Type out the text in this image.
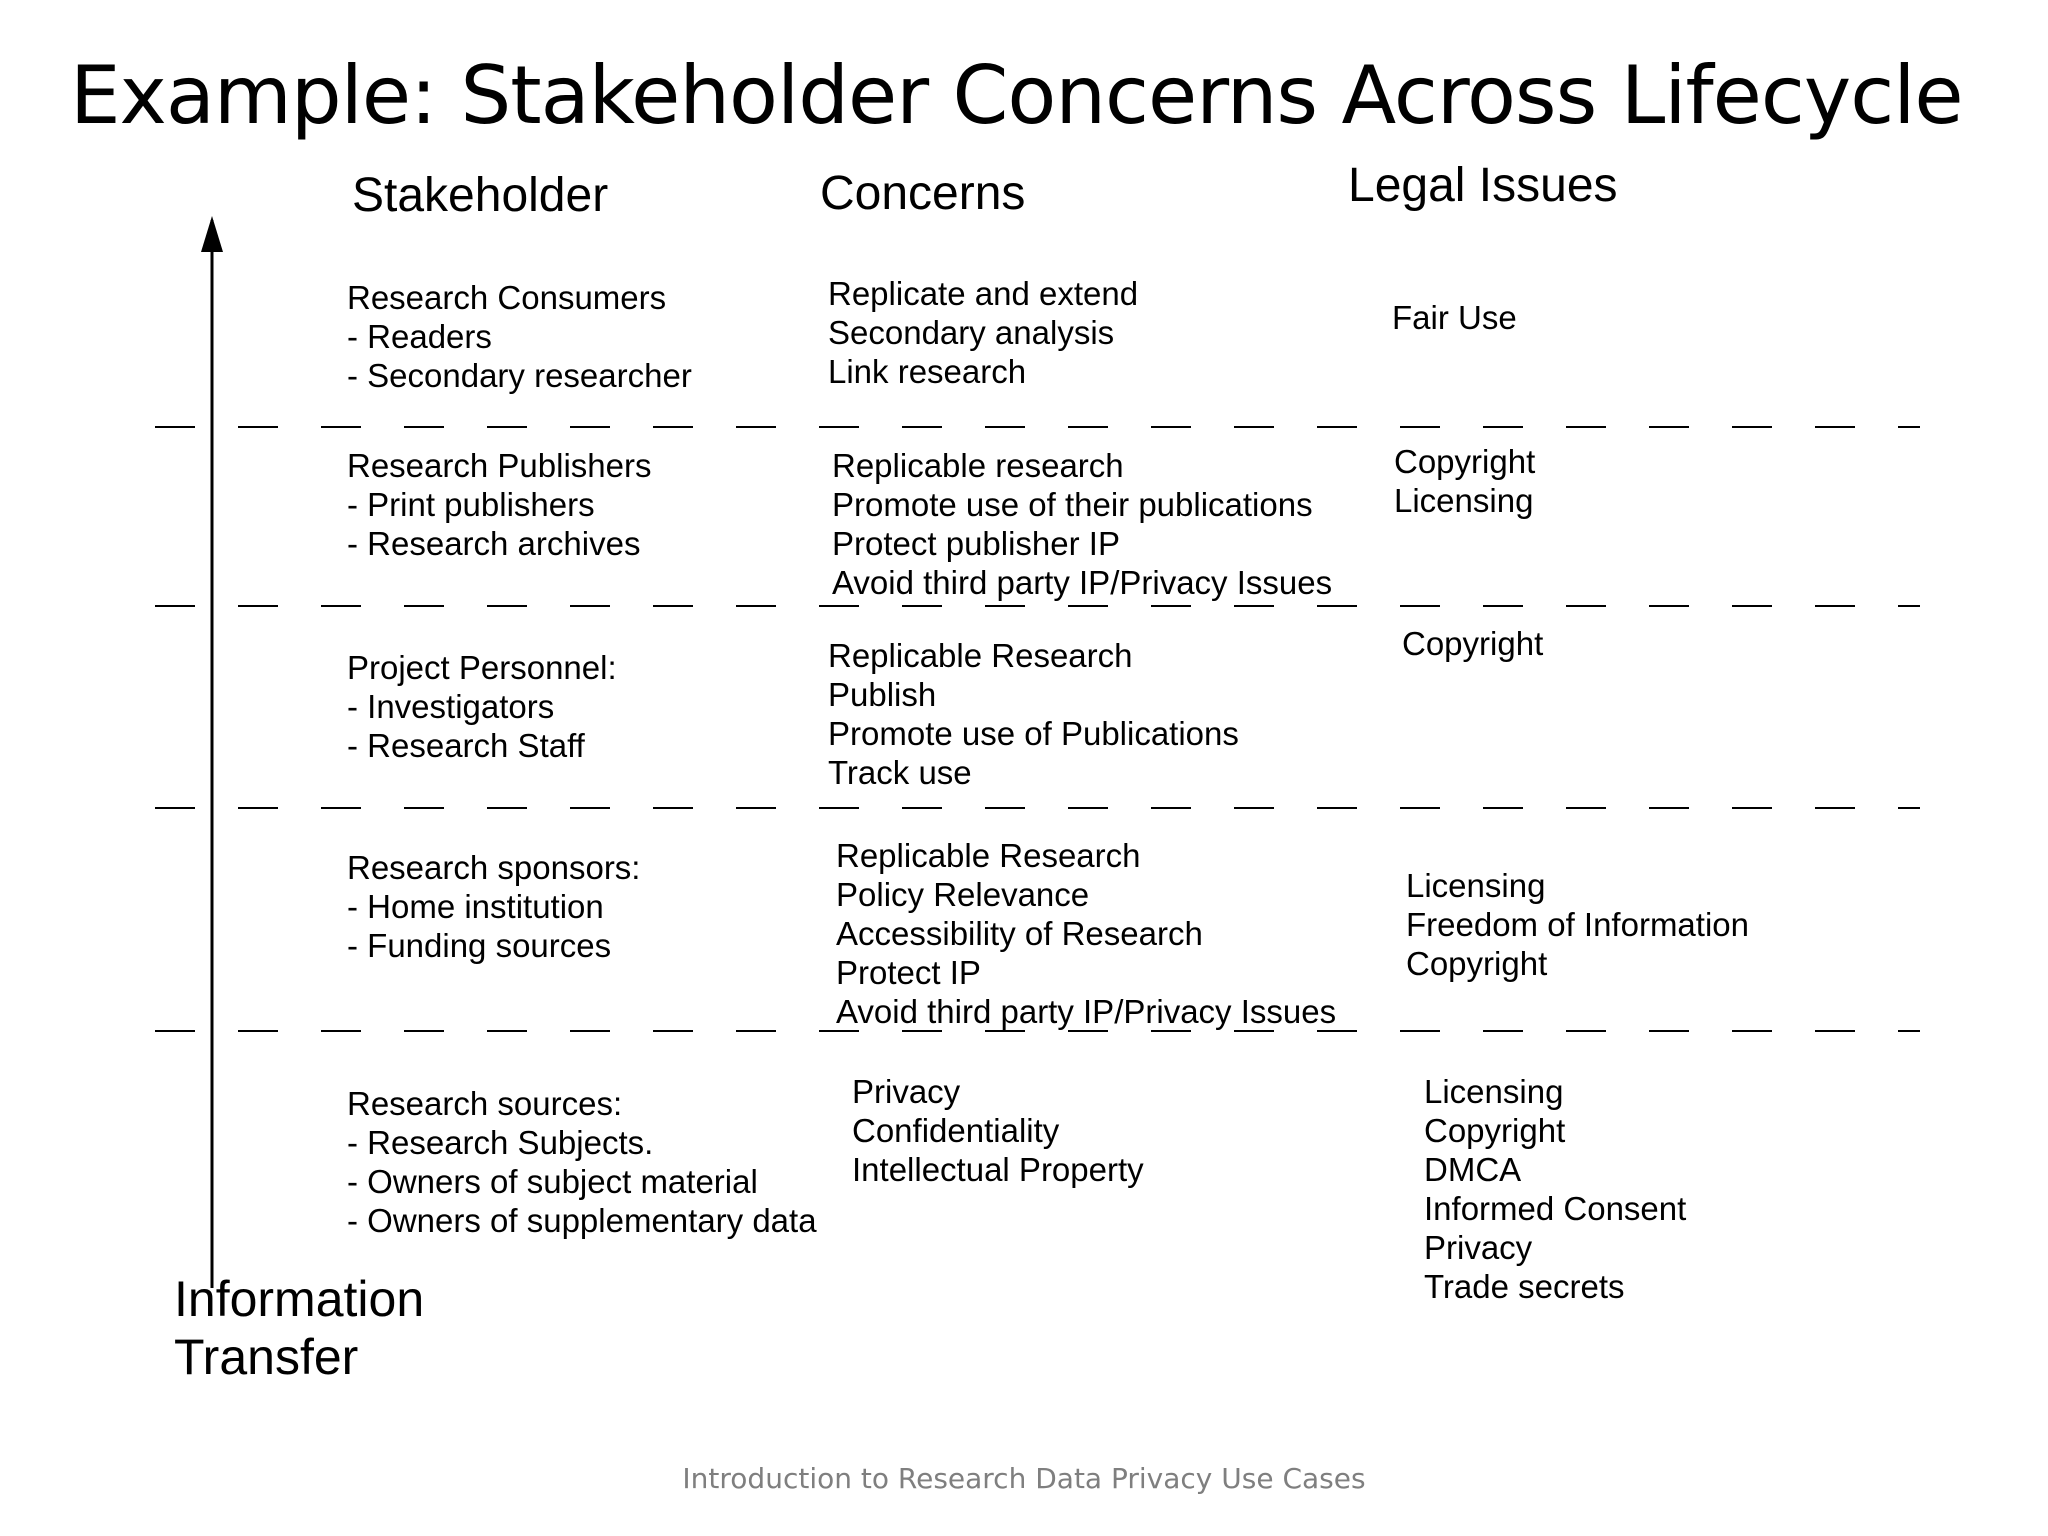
Example: Stakeholder Concerns Across Lifecycle
Stakeholder	Concerns	Legal Issues
Research Consumers
- Readers
- Secondary researcher
Replicate and extend
Secondary analysis
Link research
Fair Use
Research Publishers
- Print publishers
- Research archives
Replicable research
Promote use of their publications
Protect publisher IP
Avoid third party IP/Privacy Issues
Copyright
Licensing
Project Personnel:
- Investigators
- Research Staff
Replicable Research
Publish
Promote use of Publications
Track use
Copyright
Research sponsors:
- Home institution
- Funding sources
Replicable Research
Policy Relevance
Accessibility of Research
Protect IP
Avoid third party IP/Privacy Issues
Licensing
Freedom of Information
Copyright
Research sources:
- Research Subjects.
- Owners of subject material
- Owners of supplementary data
Privacy
Confidentiality
Intellectual Property
Licensing
Copyright
DMCA
Informed Consent
Privacy
Trade secrets
Information
Transfer
Introduction to Research Data Privacy Use Cases
